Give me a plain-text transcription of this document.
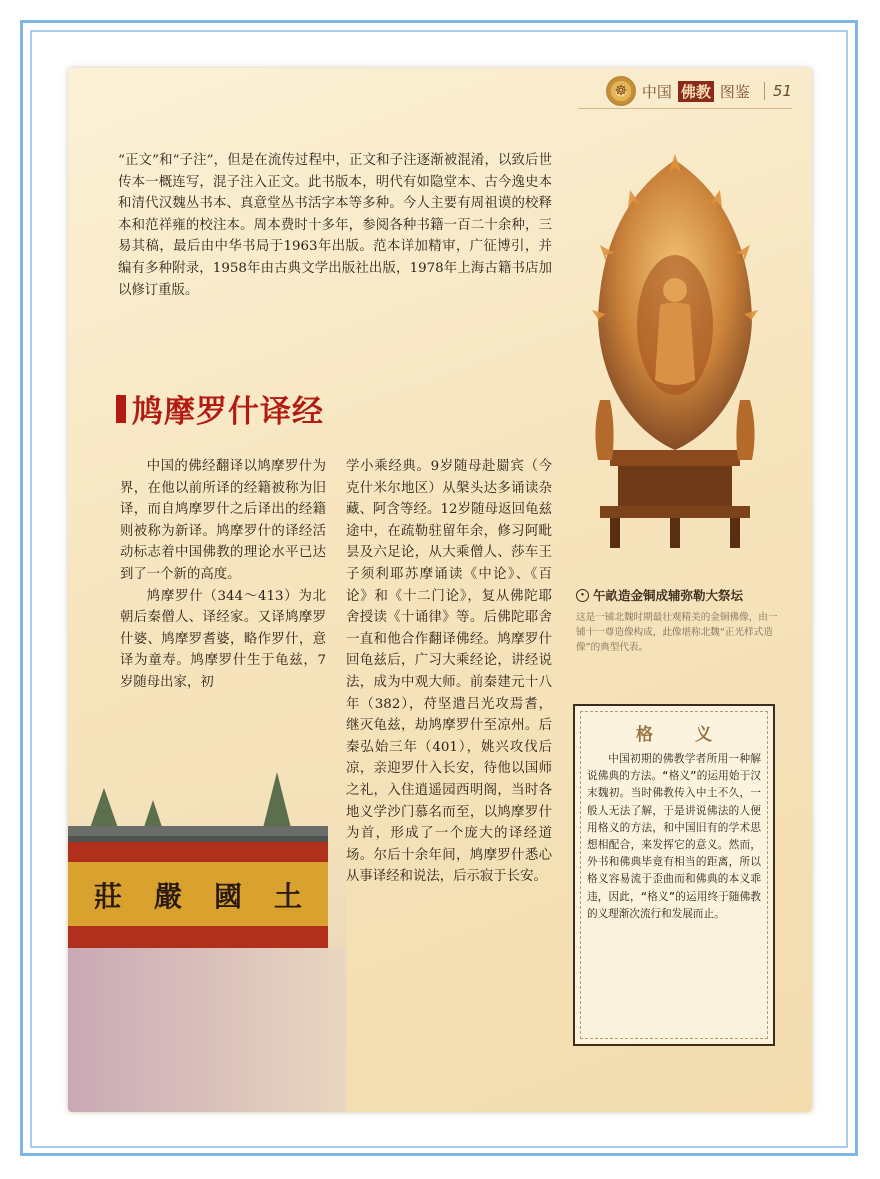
☸ 中国 佛教 图鉴	51
“正文”和“子注”，但是在流传过程中，正文和子注逐渐被混淆，以致后世传本一概连写，混子注入正文。此书版本，明代有如隐堂本、古今逸史本和清代汉魏丛书本、真意堂丛书活字本等多种。今人主要有周祖谟的校释本和范祥雍的校注本。周本费时十多年，参阅各种书籍一百二十余种，三易其稿，最后由中华书局于1963年出版。范本详加精审，广征博引，并编有多种附录，1958年由古典文学出版社出版，1978年上海古籍书店加以修订重版。
鸠摩罗什译经

中国的佛经翻译以鸠摩罗什为界，在他以前所译的经籍被称为旧译，而自鸠摩罗什之后译出的经籍则被称为新译。鸠摩罗什的译经活动标志着中国佛教的理论水平已达到了一个新的高度。

鸠摩罗什（344～413）为北朝后秦僧人、译经家。又译鸠摩罗什婆、鸠摩罗耆婆，略作罗什，意译为童寿。鸠摩罗什生于龟兹，7岁随母出家，初

学小乘经典。9岁随母赴罽宾（今克什米尔地区）从槃头达多诵读杂藏、阿含等经。12岁随母返回龟兹途中，在疏勒驻留年余，修习阿毗昙及六足论，从大乘僧人、莎车王子须利耶苏摩诵读《中论》、《百论》和《十二门论》，复从佛陀耶舍授读《十诵律》等。后佛陀耶舍一直和他合作翻译佛经。鸠摩罗什回龟兹后，广习大乘经论，讲经说法，成为中观大师。前秦建元十八年（382），苻坚遣吕光攻焉耆，继灭龟兹，劫鸠摩罗什至凉州。后秦弘始三年（401），姚兴攻伐后凉，亲迎罗什入长安，待他以国师之礼，入住逍遥园西明阁，当时各地义学沙门慕名而至，以鸠摩罗什为首，形成了一个庞大的译经道场。尔后十余年间，鸠摩罗什悉心从事译经和说法，后示寂于长安。

• 午畝造金铜成辅弥勒大祭坛
这是一铺北魏时期最壮观精美的金铜佛像，由一铺十一尊造像构成，此像堪称北魏“正光样式造像”的典型代表。
格 义
中国初期的佛教学者所用一种解说佛典的方法。“格义”的运用始于汉末魏初。当时佛教传入中土不久，一般人无法了解，于是讲说佛法的人便用格义的方法，和中国旧有的学术思想相配合，来发挥它的意义。然而，外书和佛典毕竟有相当的距离，所以格义容易流于歪曲而和佛典的本义乖违，因此，“格义”的运用终于随佛教的义理渐次流行和发展而止。
莊 嚴 國 土
